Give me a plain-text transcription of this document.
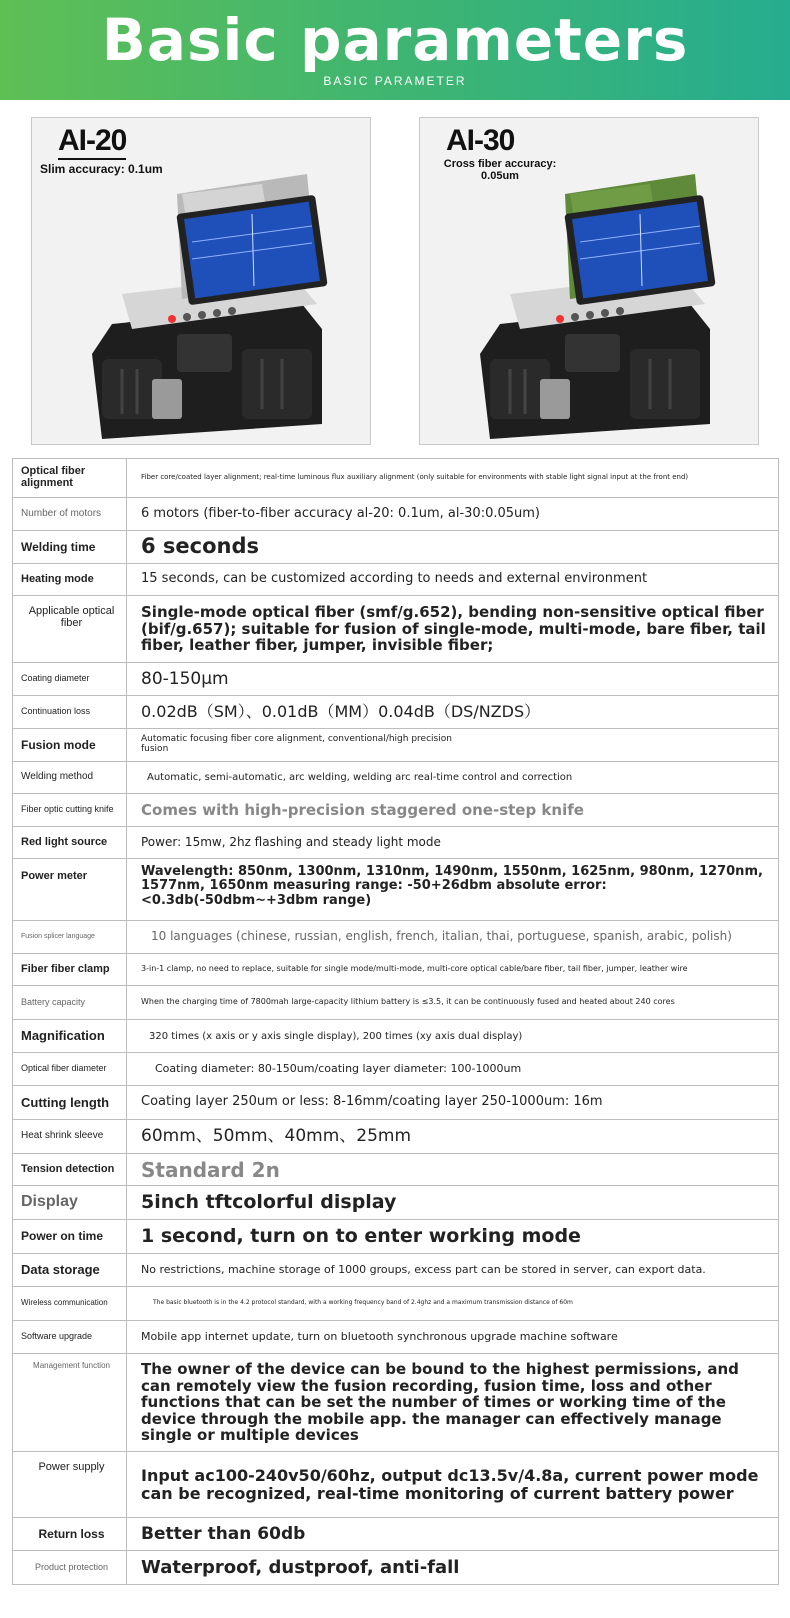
Basic parameters
BASIC PARAMETER
AI-20
Slim accuracy: 0.1um
AI-30
Cross fiber accuracy: 0.05um
Optical fiber alignment	Fiber core/coated layer alignment; real-time luminous flux auxiliary alignment (only suitable for environments with stable light signal input at the front end)
Number of motors	6 motors (fiber-to-fiber accuracy al-20: 0.1um, al-30:0.05um)
Welding time	6 seconds
Heating mode	15 seconds, can be customized according to needs and external environment
Applicable optical fiber	Single-mode optical fiber (smf/g.652), bending non-sensitive optical fiber (bif/g.657); suitable for fusion of single-mode, multi-mode, bare fiber, tail fiber, leather fiber, jumper, invisible fiber;
Coating diameter	80-150μm
Continuation loss	0.02dB（SM）、0.01dB（MM）0.04dB（DS/NZDS）
Fusion mode	Automatic focusing fiber core alignment, conventional/high precision fusion
Welding method	Automatic, semi-automatic, arc welding, welding arc real-time control and correction
Fiber optic cutting knife	Comes with high-precision staggered one-step knife
Red light source	Power: 15mw, 2hz flashing and steady light mode
Power meter	Wavelength: 850nm, 1300nm, 1310nm, 1490nm, 1550nm, 1625nm, 980nm, 1270nm, 1577nm, 1650nm measuring range: -50+26dbm absolute error: <0.3db(-50dbm~+3dbm range)
Fusion splicer language	10 languages (chinese, russian, english, french, italian, thai, portuguese, spanish, arabic, polish)
Fiber fiber clamp	3-in-1 clamp, no need to replace, suitable for single mode/multi-mode, multi-core optical cable/bare fiber, tail fiber, jumper, leather wire
Battery capacity	When the charging time of 7800mah large-capacity lithium battery is ≤3.5, it can be continuously fused and heated about 240 cores
Magnification	320 times (x axis or y axis single display), 200 times (xy axis dual display)
Optical fiber diameter	Coating diameter: 80-150um/coating layer diameter: 100-1000um
Cutting length	Coating layer 250um or less: 8-16mm/coating layer 250-1000um: 16m
Heat shrink sleeve	60mm、50mm、40mm、25mm
Tension detection	Standard 2n
Display	5inch tftcolorful display
Power on time	1 second, turn on to enter working mode
Data storage	No restrictions, machine storage of 1000 groups, excess part can be stored in server, can export data.
Wireless communication	The basic bluetooth is in the 4.2 protocol standard, with a working frequency band of 2.4ghz and a maximum transmission distance of 60m
Software upgrade	Mobile app internet update, turn on bluetooth synchronous upgrade machine software
Management function	The owner of the device can be bound to the highest permissions, and can remotely view the fusion recording, fusion time, loss and other functions that can be set the number of times or working time of the device through the mobile app. the manager can effectively manage single or multiple devices
Power supply	Input ac100-240v50/60hz, output dc13.5v/4.8a, current power mode can be recognized, real-time monitoring of current battery power
Return loss	Better than 60db
Product protection	Waterproof, dustproof, anti-fall
